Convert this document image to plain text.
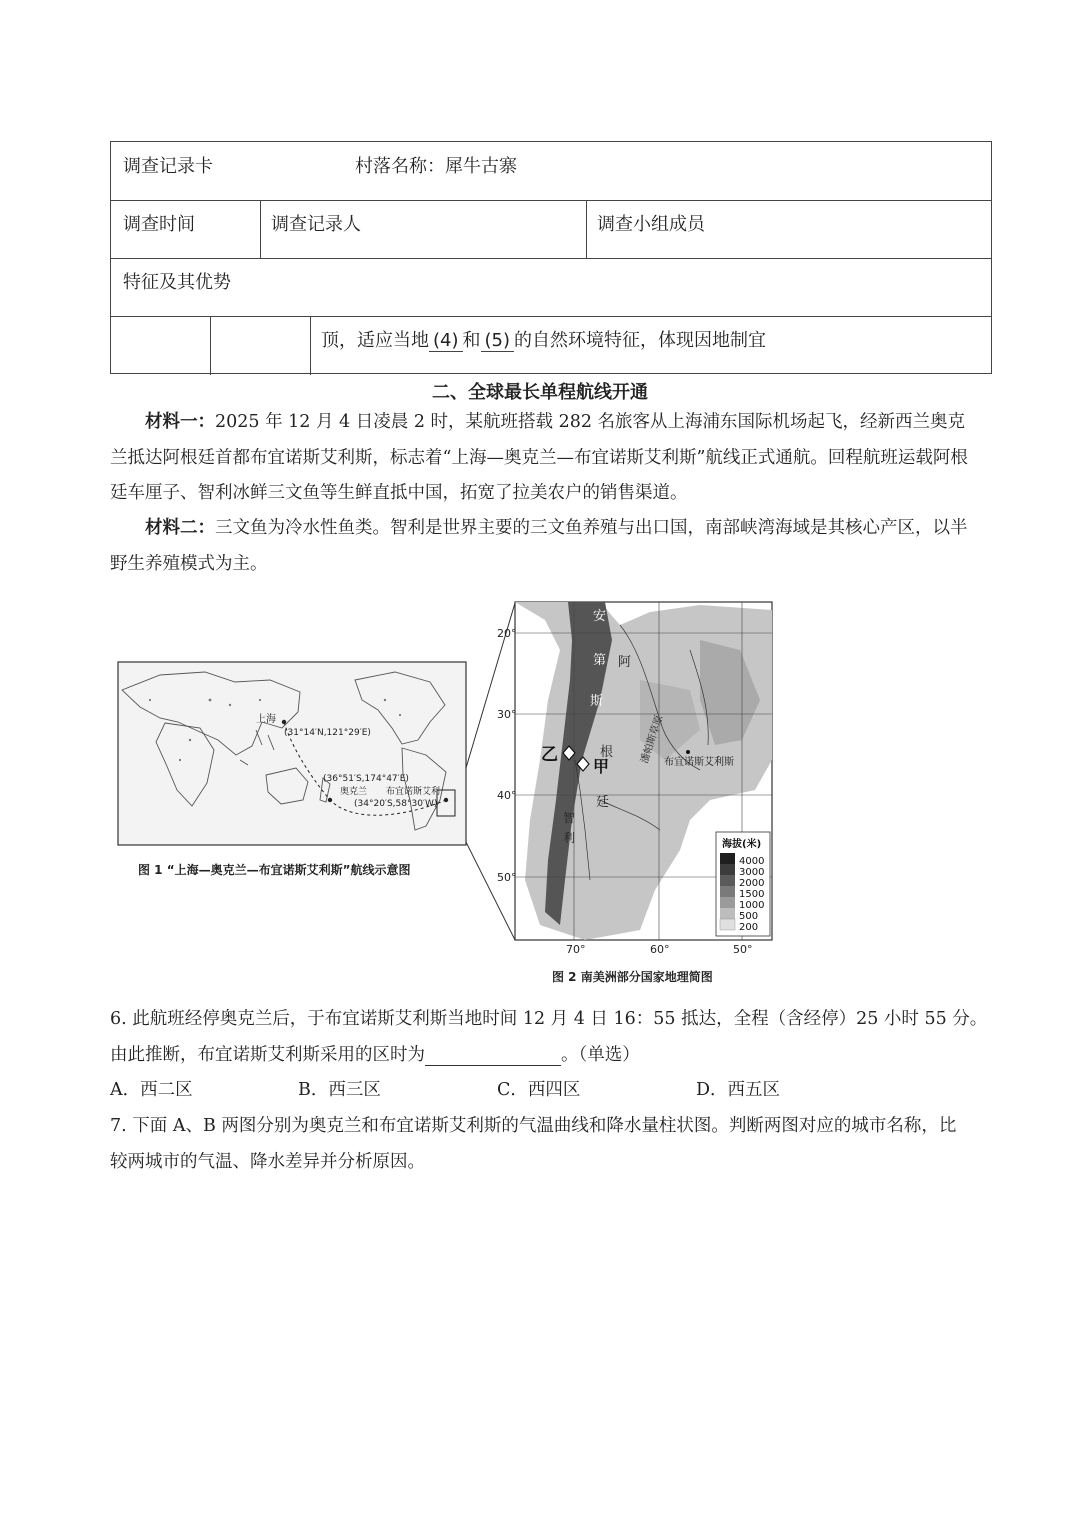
调查记录卡	村落名称：犀牛古寨
调查时间	调查记录人	调查小组成员
特征及其优势
顶，适应当地 (4) 和 (5) 的自然环境特征，体现因地制宜
二、全球最长单程航线开通
材料一：2025 年 12 月 4 日凌晨 2 时，某航班搭载 282 名旅客从上海浦东国际机场起飞，经新西兰奥克兰抵达阿根廷首都布宜诺斯艾利斯，标志着“上海—奥克兰—布宜诺斯艾利斯”航线正式通航。回程航班运载阿根廷车厘子、智利冰鲜三文鱼等生鲜直抵中国，拓宽了拉美农户的销售渠道。
材料二：三文鱼为冷水性鱼类。智利是世界主要的三文鱼养殖与出口国，南部峡湾海域是其核心产区，以半野生养殖模式为主。
上海
(31°14′N,121°29′E)
(36°51′S,174°47′E)
奥克兰 布宜诺斯艾利
(34°20′S,58°30′W)
图 1 “上海—奥克兰—布宜诺斯艾利斯”航线示意图
20°
30°
40°
50°
70°	60°	50°
安
第
斯
阿
根
廷
智
利
乙
甲
潘帕斯草原
布宜诺斯艾利斯
海拔(米)
4000
3000
2000
1500
1000
500
200
图 2 南美洲部分国家地理简图
6. 此航班经停奥克兰后，于布宜诺斯艾利斯当地时间 12 月 4 日 16：55 抵达，全程（含经停）25 小时 55 分。
由此推断，布宜诺斯艾利斯采用的区时为	。（单选）
A．西二区	B．西三区	C．西四区	D．西五区
7. 下面 A、B 两图分别为奥克兰和布宜诺斯艾利斯的气温曲线和降水量柱状图。判断两图对应的城市名称，比较两城市的气温、降水差异并分析原因。
